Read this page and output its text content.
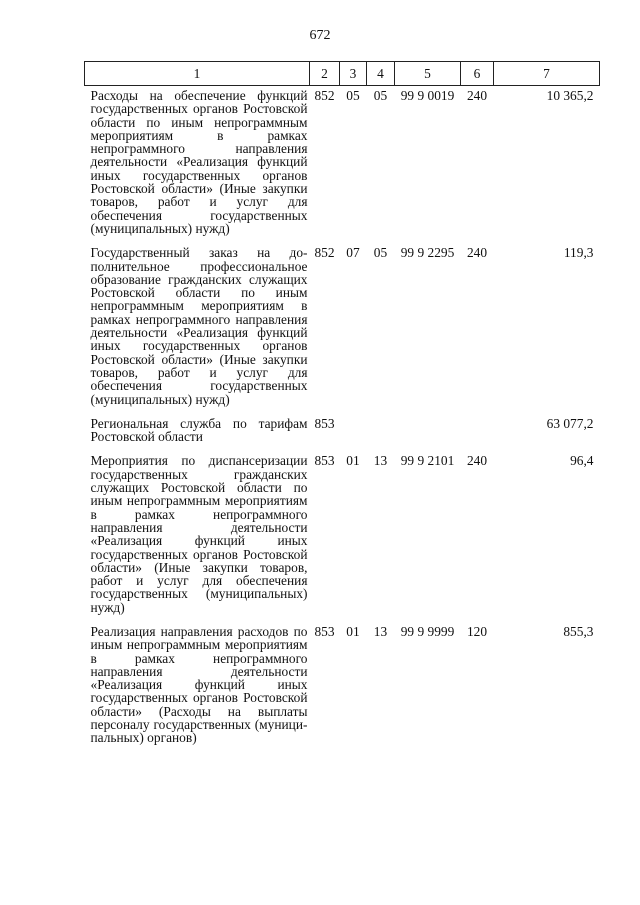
672
1	2	3	4	5	6	7
Расходы на обеспечение функций государственных органов Ростовской области по иным непрограммным мероприятиям в рамках непрограммного направления деятельности «Реализация функций иных государственных органов Ростовской области» (Иные закупки товаров, работ и услуг для обеспечения государственных (муниципальных) нужд)	852	05	05	99 9 0019	240	10 365,2
Государственный заказ на дополнительное профессиональное образование гражданских служащих Ростовской области по иным непрограммным мероприятиям в рамках непрограммного направления деятельности «Реализация функций иных государственных органов Ростовской области» (Иные закупки товаров, работ и услуг для обеспечения государственных (муниципальных) нужд)	852	07	05	99 9 2295	240	119,3
Региональная служба по тарифам Ростовской области	853					63 077,2
Мероприятия по диспансеризации государственных гражданских служащих Ростовской области по иным непрограммным мероприятиям в рамках непрограммного направления деятельности «Реализация функций иных государственных органов Ростовской области» (Иные закупки товаров, работ и услуг для обеспечения государственных (муниципальных) нужд)	853	01	13	99 9 2101	240	96,4
Реализация направления расходов по иным непрограммным мероприятиям в рамках непрограммного направления деятельности «Реализация функций иных государственных органов Ростовской области» (Расходы на выплаты персоналу государственных (муниципальных) органов)	853	01	13	99 9 9999	120	855,3
